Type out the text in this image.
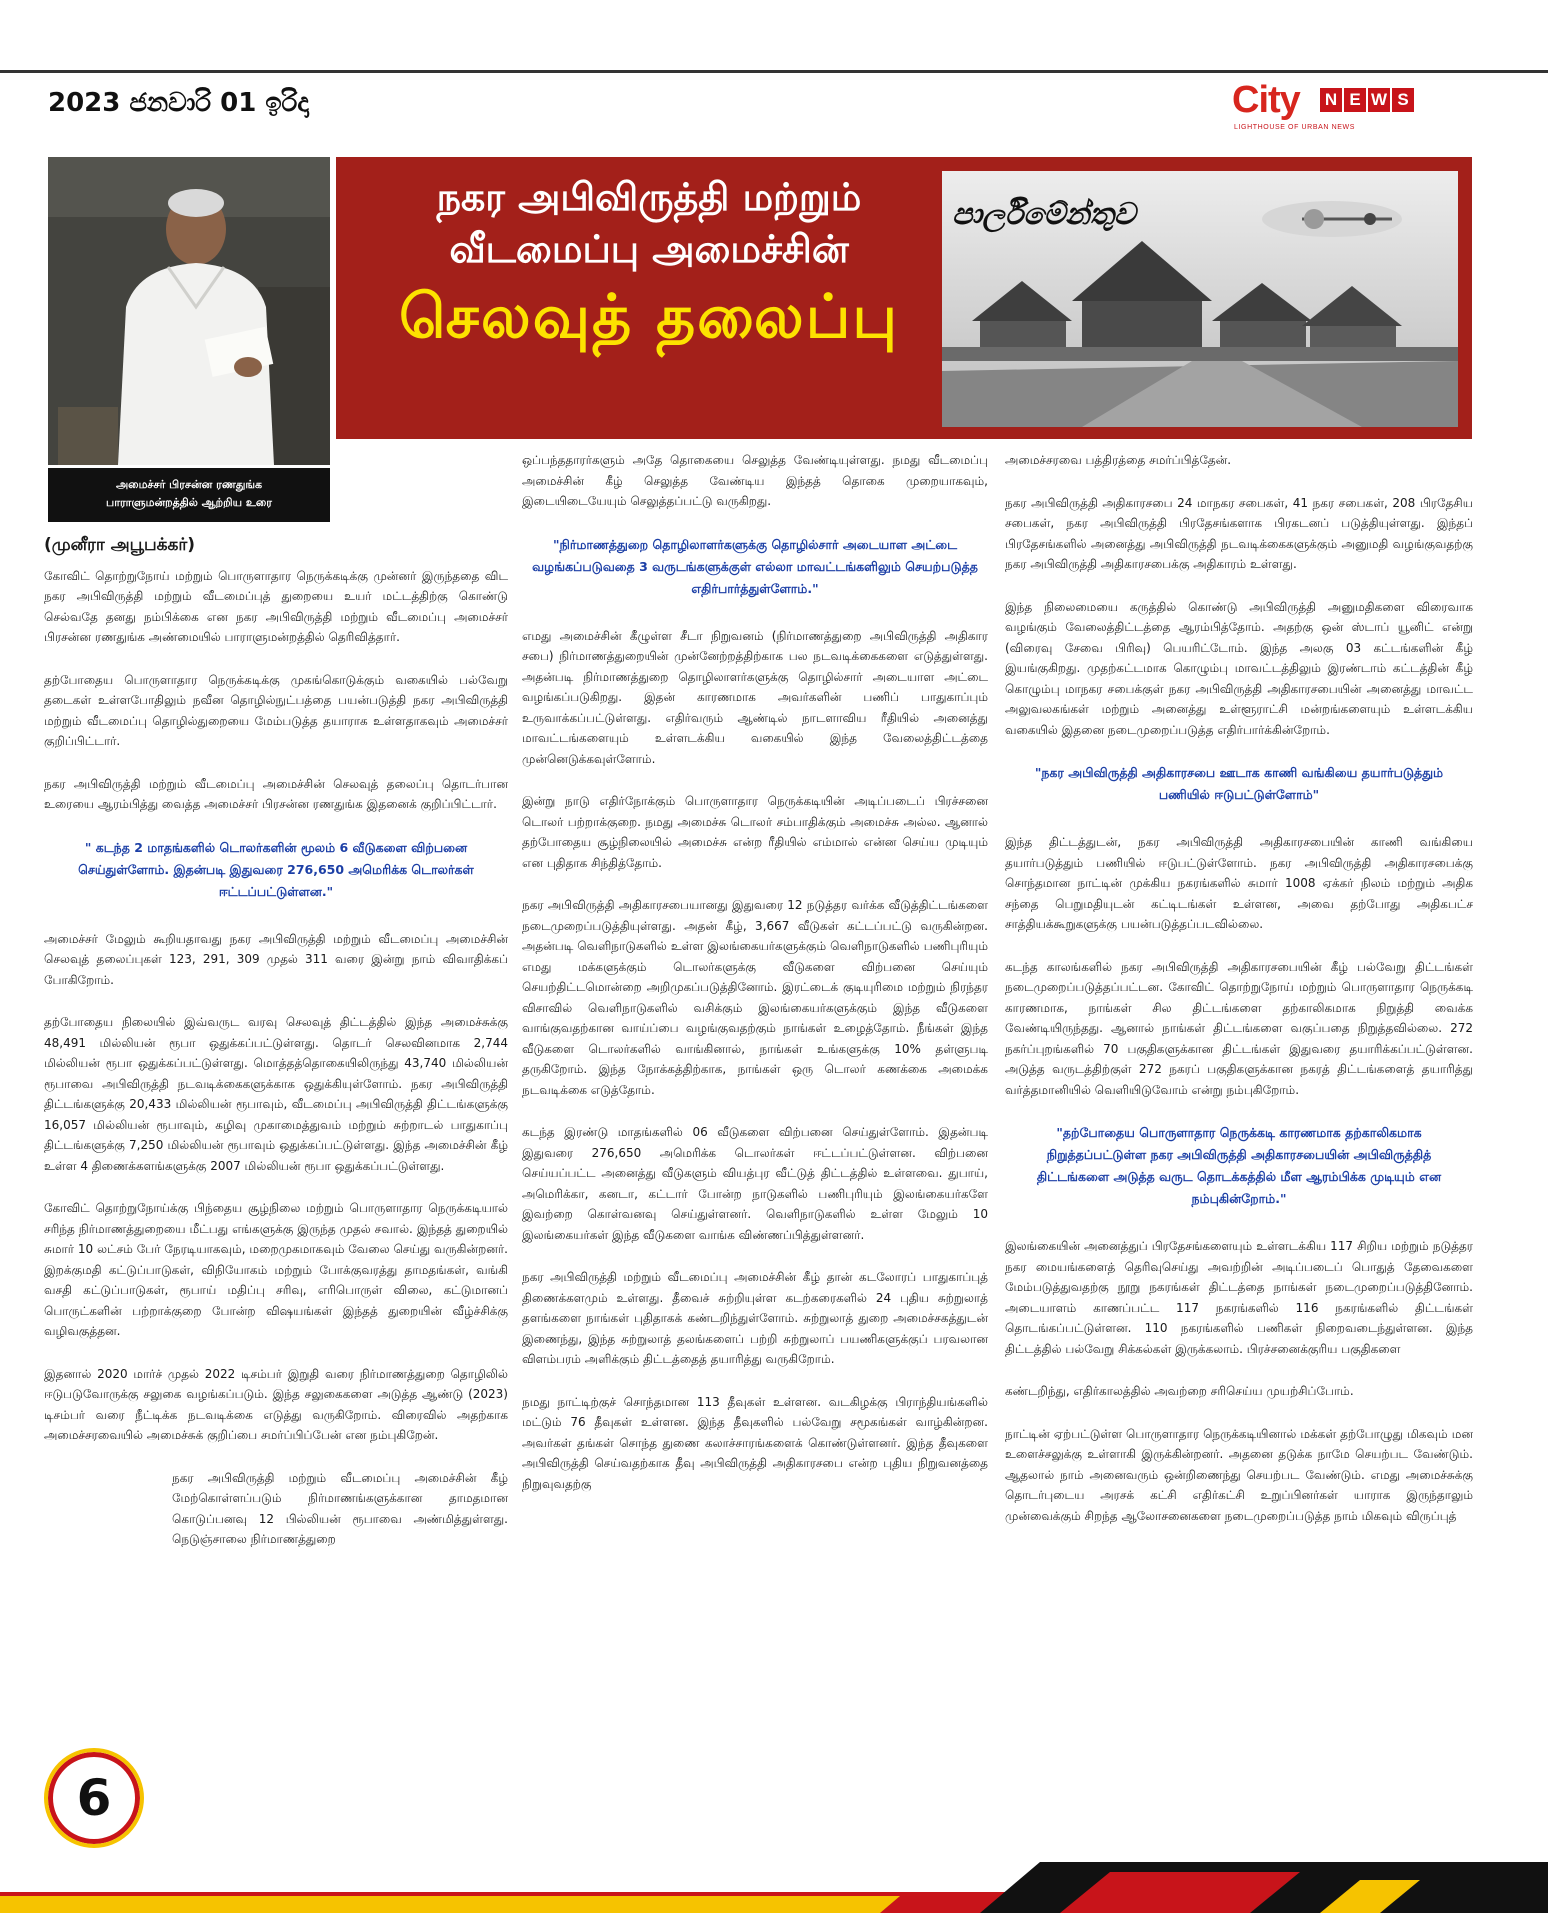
2023 ජනවාරි 01 ඉරිදා	City N E W S
LIGHTHOUSE OF URBAN NEWS
அமைச்சர் பிரசன்ன ரணதுங்க
பாராளுமன்றத்தில் ஆற்றிய உரை
நகர அபிவிருத்தி மற்றும்
வீடமைப்பு அமைச்சின்
செலவுத் தலைப்பு
පාර්ලිමේන්තුව
(முனீரா அபூபக்கர்)

கோவிட் தொற்றுநோய் மற்றும் பொருளாதார நெருக்கடிக்கு முன்னர் இருந்ததை விட நகர அபிவிருத்தி மற்றும் வீடமைப்புத் துறையை உயர் மட்டத்திற்கு கொண்டு செல்வதே தனது நம்பிக்கை என நகர அபிவிருத்தி மற்றும் வீடமைப்பு அமைச்சர் பிரசன்ன ரணதுங்க அண்மையில் பாராளுமன்றத்தில் தெரிவித்தார்.

தற்போதைய பொருளாதார நெருக்கடிக்கு முகங்கொடுக்கும் வகையில் பல்வேறு தடைகள் உள்ளபோதிலும் நவீன தொழில்நுட்பத்தை பயன்படுத்தி நகர அபிவிருத்தி மற்றும் வீடமைப்பு தொழில்துறையை மேம்படுத்த தயாராக உள்ளதாகவும் அமைச்சர் குறிப்பிட்டார்.

நகர அபிவிருத்தி மற்றும் வீடமைப்பு அமைச்சின் செலவுத் தலைப்பு தொடர்பான உரையை ஆரம்பித்து வைத்த அமைச்சர் பிரசன்ன ரணதுங்க இதனைக் குறிப்பிட்டார்.

" கடந்த 2 மாதங்களில் டொலர்களின் மூலம் 6 வீடுகளை விற்பனை செய்துள்ளோம். இதன்படி இதுவரை 276,650 அமெரிக்க டொலர்கள் ஈட்டப்பட்டுள்ளன."

அமைச்சர் மேலும் கூறியதாவது நகர அபிவிருத்தி மற்றும் வீடமைப்பு அமைச்சின் செலவுத் தலைப்புகள் 123, 291, 309 முதல் 311 வரை இன்று நாம் விவாதிக்கப் போகிறோம்.

தற்போதைய நிலையில் இவ்வருட வரவு செலவுத் திட்டத்தில் இந்த அமைச்சுக்கு 48,491 மில்லியன் ரூபா ஒதுக்கப்பட்டுள்ளது. தொடர் செலவினமாக 2,744 மில்லியன் ரூபா ஒதுக்கப்பட்டுள்ளது. மொத்தத்தொகையிலிருந்து 43,740 மில்லியன் ரூபாவை அபிவிருத்தி நடவடிக்கைகளுக்காக ஒதுக்கியுள்ளோம். நகர அபிவிருத்தி திட்டங்களுக்கு 20,433 மில்லியன் ரூபாவும், வீடமைப்பு அபிவிருத்தி திட்டங்களுக்கு 16,057 மில்லியன் ரூபாவும், கழிவு முகாமைத்துவம் மற்றும் சுற்றாடல் பாதுகாப்பு திட்டங்களுக்கு 7,250 மில்லியன் ரூபாவும் ஒதுக்கப்பட்டுள்ளது. இந்த அமைச்சின் கீழ் உள்ள 4 திணைக்களங்களுக்கு 2007 மில்லியன் ரூபா ஒதுக்கப்பட்டுள்ளது.

கோவிட் தொற்றுநோய்க்கு பிந்தைய சூழ்நிலை மற்றும் பொருளாதார நெருக்கடியால் சரிந்த நிர்மாணத்துறையை மீட்பது எங்களுக்கு இருந்த முதல் சவால். இந்தத் துறையில் சுமார் 10 லட்சம் பேர் நேரடியாகவும், மறைமுகமாகவும் வேலை செய்து வருகின்றனர். இறக்குமதி கட்டுப்பாடுகள், விநியோகம் மற்றும் போக்குவரத்து தாமதங்கள், வங்கி வசதி கட்டுப்பாடுகள், ரூபாய் மதிப்பு சரிவு, எரிபொருள் விலை, கட்டுமானப் பொருட்களின் பற்றாக்குறை போன்ற விஷயங்கள் இந்தத் துறையின் வீழ்ச்சிக்கு வழிவகுத்தன.

இதனால் 2020 மார்ச் முதல் 2022 டிசம்பர் இறுதி வரை நிர்மாணத்துறை தொழிலில் ஈடுபடுவோருக்கு சலுகை வழங்கப்படும். இந்த சலுகைகளை அடுத்த ஆண்டு (2023) டிசம்பர் வரை நீட்டிக்க நடவடிக்கை எடுத்து வருகிறோம். விரைவில் அதற்காக அமைச்சரவையில் அமைச்சுக் குறிப்பை சமர்ப்பிப்பேன் என நம்புகிறேன்.

நகர அபிவிருத்தி மற்றும் வீடமைப்பு அமைச்சின் கீழ் மேற்கொள்ளப்படும் நிர்மாணங்களுக்கான தாமதமான கொடுப்பனவு 12 பில்லியன் ரூபாவை அண்மித்துள்ளது. நெடுஞ்சாலை நிர்மாணத்துறை

ஒப்பந்ததாரர்களும் அதே தொகையை செலுத்த வேண்டியுள்ளது. நமது வீடமைப்பு அமைச்சின் கீழ் செலுத்த வேண்டிய இந்தத் தொகை முறையாகவும், இடையிடையேயும் செலுத்தப்பட்டு வருகிறது.

"நிர்மாணத்துறை தொழிலாளர்களுக்கு தொழில்சார் அடையாள அட்டை வழங்கப்படுவதை 3 வருடங்களுக்குள் எல்லா மாவட்டங்களிலும் செயற்படுத்த எதிர்பார்த்துள்ளோம்."

எமது அமைச்சின் கீழுள்ள சீடா நிறுவனம் (நிர்மாணத்துறை அபிவிருத்தி அதிகார சபை) நிர்மாணத்துறையின் முன்னேற்றத்திற்காக பல நடவடிக்கைகளை எடுத்துள்ளது. அதன்படி நிர்மாணத்துறை தொழிலாளர்களுக்கு தொழில்சார் அடையாள அட்டை வழங்கப்படுகிறது. இதன் காரணமாக அவர்களின் பணிப் பாதுகாப்பும் உருவாக்கப்பட்டுள்ளது. எதிர்வரும் ஆண்டில் நாடளாவிய ரீதியில் அனைத்து மாவட்டங்களையும் உள்ளடக்கிய வகையில் இந்த வேலைத்திட்டத்தை முன்னெடுக்கவுள்ளோம்.

இன்று நாடு எதிர்நோக்கும் பொருளாதார நெருக்கடியின் அடிப்படைப் பிரச்சனை டொலர் பற்றாக்குறை. நமது அமைச்சு டொலர் சம்பாதிக்கும் அமைச்சு அல்ல. ஆனால் தற்போதைய சூழ்நிலையில் அமைச்சு என்ற ரீதியில் எம்மால் என்ன செய்ய முடியும் என புதிதாக சிந்தித்தோம்.

நகர அபிவிருத்தி அதிகாரசபையானது இதுவரை 12 நடுத்தர வர்க்க வீடுத்திட்டங்களை நடைமுறைப்படுத்தியுள்ளது. அதன் கீழ், 3,667 வீடுகள் கட்டப்பட்டு வருகின்றன. அதன்படி வெளிநாடுகளில் உள்ள இலங்கையர்களுக்கும் வெளிநாடுகளில் பணிபுரியும் எமது மக்களுக்கும் டொலர்களுக்கு வீடுகளை விற்பனை செய்யும் செயற்திட்டமொன்றை அறிமுகப்படுத்தினோம். இரட்டைக் குடியுரிமை மற்றும் நிரந்தர விசாவில் வெளிநாடுகளில் வசிக்கும் இலங்கையர்களுக்கும் இந்த வீடுகளை வாங்குவதற்கான வாய்ப்பை வழங்குவதற்கும் நாங்கள் உழைத்தோம். நீங்கள் இந்த வீடுகளை டொலர்களில் வாங்கினால், நாங்கள் உங்களுக்கு 10% தள்ளுபடி தருகிறோம். இந்த நோக்கத்திற்காக, நாங்கள் ஒரு டொலர் கணக்கை அமைக்க நடவடிக்கை எடுத்தோம்.

கடந்த இரண்டு மாதங்களில் 06 வீடுகளை விற்பனை செய்துள்ளோம். இதன்படி இதுவரை 276,650 அமெரிக்க டொலர்கள் ஈட்டப்பட்டுள்ளன. விற்பனை செய்யப்பட்ட அனைத்து வீடுகளும் வியத்புர வீட்டுத் திட்டத்தில் உள்ளவை. துபாய், அமெரிக்கா, கனடா, கட்டார் போன்ற நாடுகளில் பணிபுரியும் இலங்கையர்களே இவற்றை கொள்வனவு செய்துள்ளனர். வெளிநாடுகளில் உள்ள மேலும் 10 இலங்கையர்கள் இந்த வீடுகளை வாங்க விண்ணப்பித்துள்ளனர்.

நகர அபிவிருத்தி மற்றும் வீடமைப்பு அமைச்சின் கீழ் தான் கடலோரப் பாதுகாப்புத் திணைக்களமும் உள்ளது. தீவைச் சுற்றியுள்ள கடற்கரைகளில் 24 புதிய சுற்றுலாத் தளங்களை நாங்கள் புதிதாகக் கண்டறிந்துள்ளோம். சுற்றுலாத் துறை அமைச்சகத்துடன் இணைந்து, இந்த சுற்றுலாத் தலங்களைப் பற்றி சுற்றுலாப் பயணிகளுக்குப் பரவலான விளம்பரம் அளிக்கும் திட்டத்தைத் தயாரித்து வருகிறோம்.

நமது நாட்டிற்குச் சொந்தமான 113 தீவுகள் உள்ளன. வடகிழக்கு பிராந்தியங்களில் மட்டும் 76 தீவுகள் உள்ளன. இந்த தீவுகளில் பல்வேறு சமூகங்கள் வாழ்கின்றன. அவர்கள் தங்கள் சொந்த துணை கலாச்சாரங்களைக் கொண்டுள்ளனர். இந்த தீவுகளை அபிவிருத்தி செய்வதற்காக தீவு அபிவிருத்தி அதிகாரசபை என்ற புதிய நிறுவனத்தை நிறுவுவதற்கு

அமைச்சரவை பத்திரத்தை சமர்ப்பித்தேன்.

நகர அபிவிருத்தி அதிகாரசபை 24 மாநகர சபைகள், 41 நகர சபைகள், 208 பிரதேசிய சபைகள், நகர அபிவிருத்தி பிரதேசங்களாக பிரகடனப் படுத்தியுள்ளது. இந்தப் பிரதேசங்களில் அனைத்து அபிவிருத்தி நடவடிக்கைகளுக்கும் அனுமதி வழங்குவதற்கு நகர அபிவிருத்தி அதிகாரசபைக்கு அதிகாரம் உள்ளது.

இந்த நிலைமையை கருத்தில் கொண்டு அபிவிருத்தி அனுமதிகளை விரைவாக வழங்கும் வேலைத்திட்டத்தை ஆரம்பித்தோம். அதற்கு ஒன் ஸ்டாப் யூனிட் என்று (விரைவு சேவை பிரிவு) பெயரிட்டோம். இந்த அலகு 03 கட்டங்களின் கீழ் இயங்குகிறது. முதற்கட்டமாக கொழும்பு மாவட்டத்திலும் இரண்டாம் கட்டத்தின் கீழ் கொழும்பு மாநகர சபைக்குள் நகர அபிவிருத்தி அதிகாரசபையின் அனைத்து மாவட்ட அலுவலகங்கள் மற்றும் அனைத்து உள்ளூராட்சி மன்றங்களையும் உள்ளடக்கிய வகையில் இதனை நடைமுறைப்படுத்த எதிர்பார்க்கின்றோம்.

"நகர அபிவிருத்தி அதிகாரசபை ஊடாக காணி வங்கியை தயார்படுத்தும் பணியில் ஈடுபட்டுள்ளோம்"

இந்த திட்டத்துடன், நகர அபிவிருத்தி அதிகாரசபையின் காணி வங்கியை தயார்படுத்தும் பணியில் ஈடுபட்டுள்ளோம். நகர அபிவிருத்தி அதிகாரசபைக்கு சொந்தமான நாட்டின் முக்கிய நகரங்களில் சுமார் 1008 ஏக்கர் நிலம் மற்றும் அதிக சந்தை பெறுமதியுடன் கட்டிடங்கள் உள்ளன, அவை தற்போது அதிகபட்ச சாத்தியக்கூறுகளுக்கு பயன்படுத்தப்படவில்லை.

கடந்த காலங்களில் நகர அபிவிருத்தி அதிகாரசபையின் கீழ் பல்வேறு திட்டங்கள் நடைமுறைப்படுத்தப்பட்டன. கோவிட் தொற்றுநோய் மற்றும் பொருளாதார நெருக்கடி காரணமாக, நாங்கள் சில திட்டங்களை தற்காலிகமாக நிறுத்தி வைக்க வேண்டியிருந்தது. ஆனால் நாங்கள் திட்டங்களை வகுப்பதை நிறுத்தவில்லை. 272 நகர்ப்புறங்களில் 70 பகுதிகளுக்கான திட்டங்கள் இதுவரை தயாரிக்கப்பட்டுள்ளன. அடுத்த வருடத்திற்குள் 272 நகரப் பகுதிகளுக்கான நகரத் திட்டங்களைத் தயாரித்து வர்த்தமானியில் வெளியிடுவோம் என்று நம்புகிறோம்.

"தற்போதைய பொருளாதார நெருக்கடி காரணமாக தற்காலிகமாக நிறுத்தப்பட்டுள்ள நகர அபிவிருத்தி அதிகாரசபையின் அபிவிருத்தித் திட்டங்களை அடுத்த வருட தொடக்கத்தில் மீள ஆரம்பிக்க முடியும் என நம்புகின்றோம்."

இலங்கையின் அனைத்துப் பிரதேசங்களையும் உள்ளடக்கிய 117 சிறிய மற்றும் நடுத்தர நகர மையங்களைத் தெரிவுசெய்து அவற்றின் அடிப்படைப் பொதுத் தேவைகளை மேம்படுத்துவதற்கு நூறு நகரங்கள் திட்டத்தை நாங்கள் நடைமுறைப்படுத்தினோம். அடையாளம் காணப்பட்ட 117 நகரங்களில் 116 நகரங்களில் திட்டங்கள் தொடங்கப்பட்டுள்ளன. 110 நகரங்களில் பணிகள் நிறைவடைந்துள்ளன. இந்த திட்டத்தில் பல்வேறு சிக்கல்கள் இருக்கலாம். பிரச்சனைக்குரிய பகுதிகளை

கண்டறிந்து, எதிர்காலத்தில் அவற்றை சரிசெய்ய முயற்சிப்போம்.

நாட்டின் ஏற்பட்டுள்ள பொருளாதார நெருக்கடியினால் மக்கள் தற்போழுது மிகவும் மன உளைச்சலுக்கு உள்ளாகி இருக்கின்றனர். அதனை தடுக்க நாமே செயற்பட வேண்டும். ஆதலால் நாம் அனைவரும் ஒன்றிணைந்து செயற்பட வேண்டும். எமது அமைச்சுக்கு தொடர்புடைய அரசக் கட்சி எதிர்கட்சி உறுப்பினர்கள் யாராக இருந்தாலும் முன்வைக்கும் சிறந்த ஆலோசனைகளை நடைமுறைப்படுத்த நாம் மிகவும் விருப்புத்

6
